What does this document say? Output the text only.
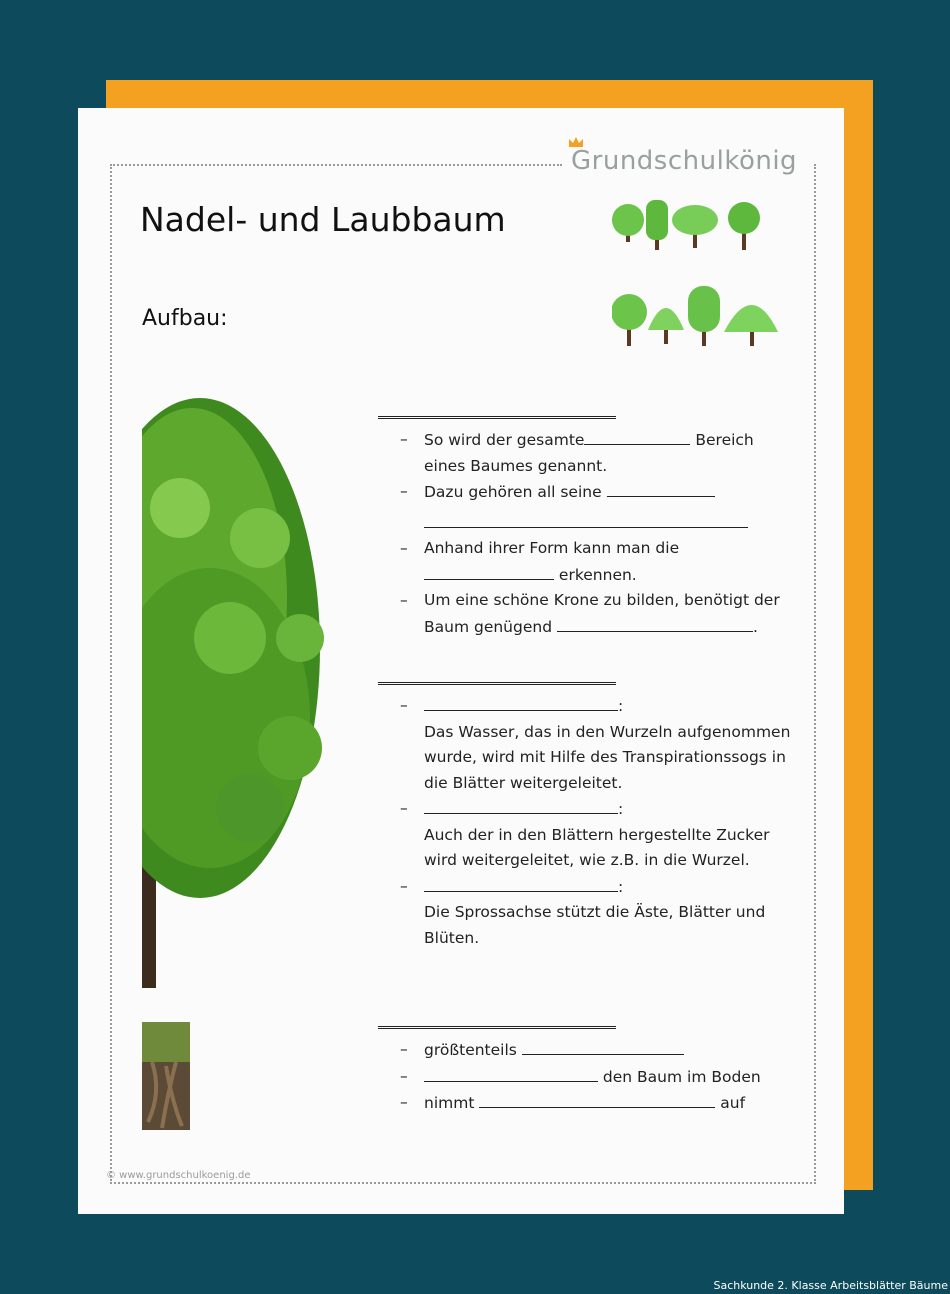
Grundschulkönig
Nadel- und Laubbaum
Aufbau:
– So wird der gesamte	Bereich eines Baumes genannt.
– Dazu gehören all seine

– Anhand ihrer Form kann man die  erkennen.
– Um eine schöne Krone zu bilden, benötigt der Baum genügend	.
–	:
Das Wasser, das in den Wurzeln aufgenommen wurde, wird mit Hilfe des Transpirationssogs in die Blätter weitergeleitet.
–	:
Auch der in den Blättern hergestellte Zucker wird weitergeleitet, wie z.B. in die Wurzel.
–	:
Die Sprossachse stützt die Äste, Blätter und Blüten.
– größtenteils
–	den Baum im Boden
– nimmt	auf
© www.grundschulkoenig.de
Sachkunde 2. Klasse Arbeitsblätter Bäume
